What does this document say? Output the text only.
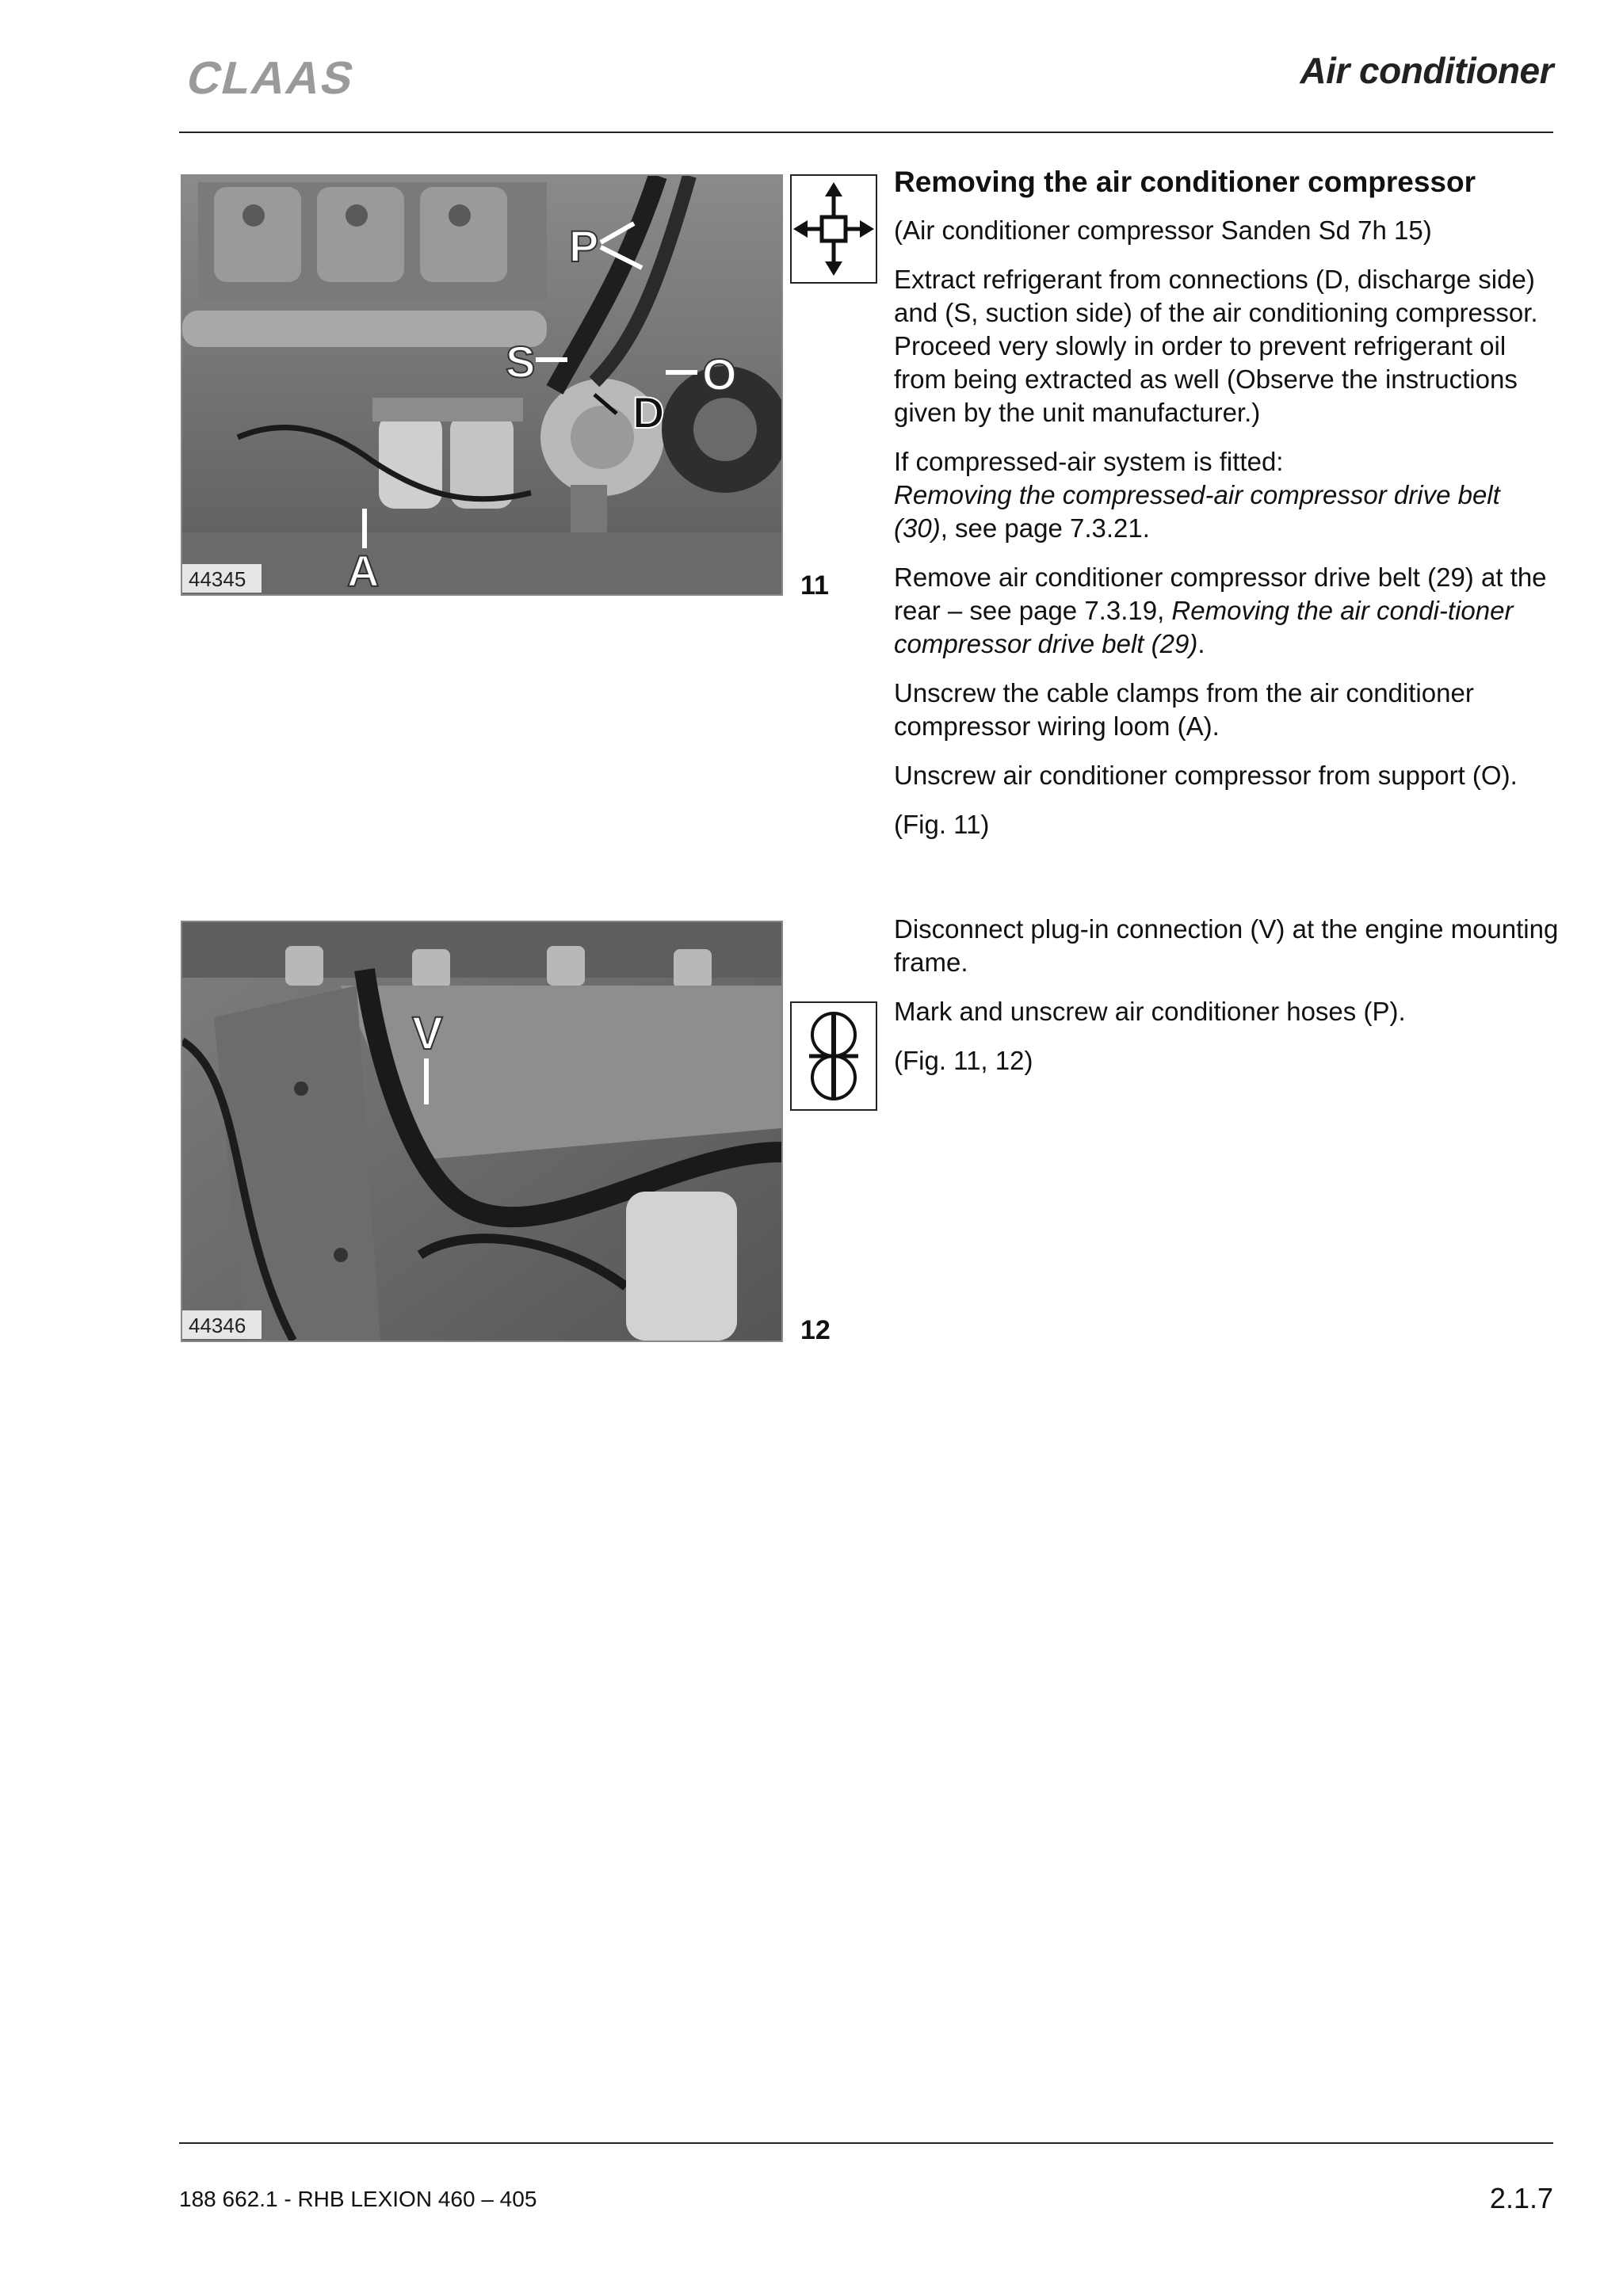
CLAAS	Air conditioner
P
S	O
D
A
44345	11

Removing the air conditioner compressor

(Air conditioner compressor Sanden Sd 7h 15)

Extract refrigerant from connections (D, discharge side) and (S, suction side) of the air conditioning compressor. Proceed very slowly in order to prevent refrigerant oil from being extracted as well (Observe the instructions given by the unit manufacturer.)

If compressed-air system is fitted:
Removing the compressed-air compressor drive belt (30), see page 7.3.21.

Remove air conditioner compressor drive belt (29) at the rear – see page 7.3.19, Removing the air condi-tioner compressor drive belt (29).

Unscrew the cable clamps from the air conditioner compressor wiring loom (A).

Unscrew air conditioner compressor from support (O).

(Fig. 11)

V
44346	12

Disconnect plug-in connection (V) at the engine mounting frame.

Mark and unscrew air conditioner hoses (P).

(Fig. 11, 12)

188 662.1 - RHB LEXION 460 – 405	2.1.7
